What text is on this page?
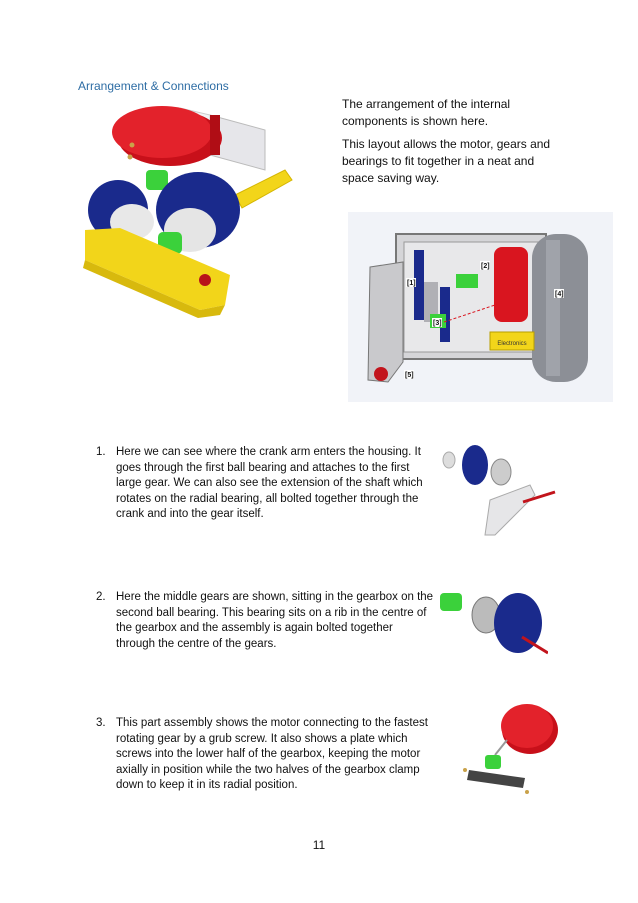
Arrangement & Connections
The arrangement of the internal components is shown here.
This layout allows the motor, gears and bearings to fit together in a neat and space saving way.
Electronics
[1]
[2]
[3]
[4]
[5]
1. Here we can see where the crank arm enters the housing. It goes through the first ball bearing and attaches to the first large gear. We can also see the extension of the shaft which rotates on the radial bearing, all bolted together through the crank and into the gear itself.
2. Here the middle gears are shown, sitting in the gearbox on the second ball bearing. This bearing sits on a rib in the centre of the gearbox and the assembly is again bolted together through the centre of the gears.
3. This part assembly shows the motor connecting to the fastest rotating gear by a grub screw. It also shows a plate which screws into the lower half of the gearbox, keeping the motor axially in position while the two halves of the gearbox clamp down to keep it in its radial position.
11
